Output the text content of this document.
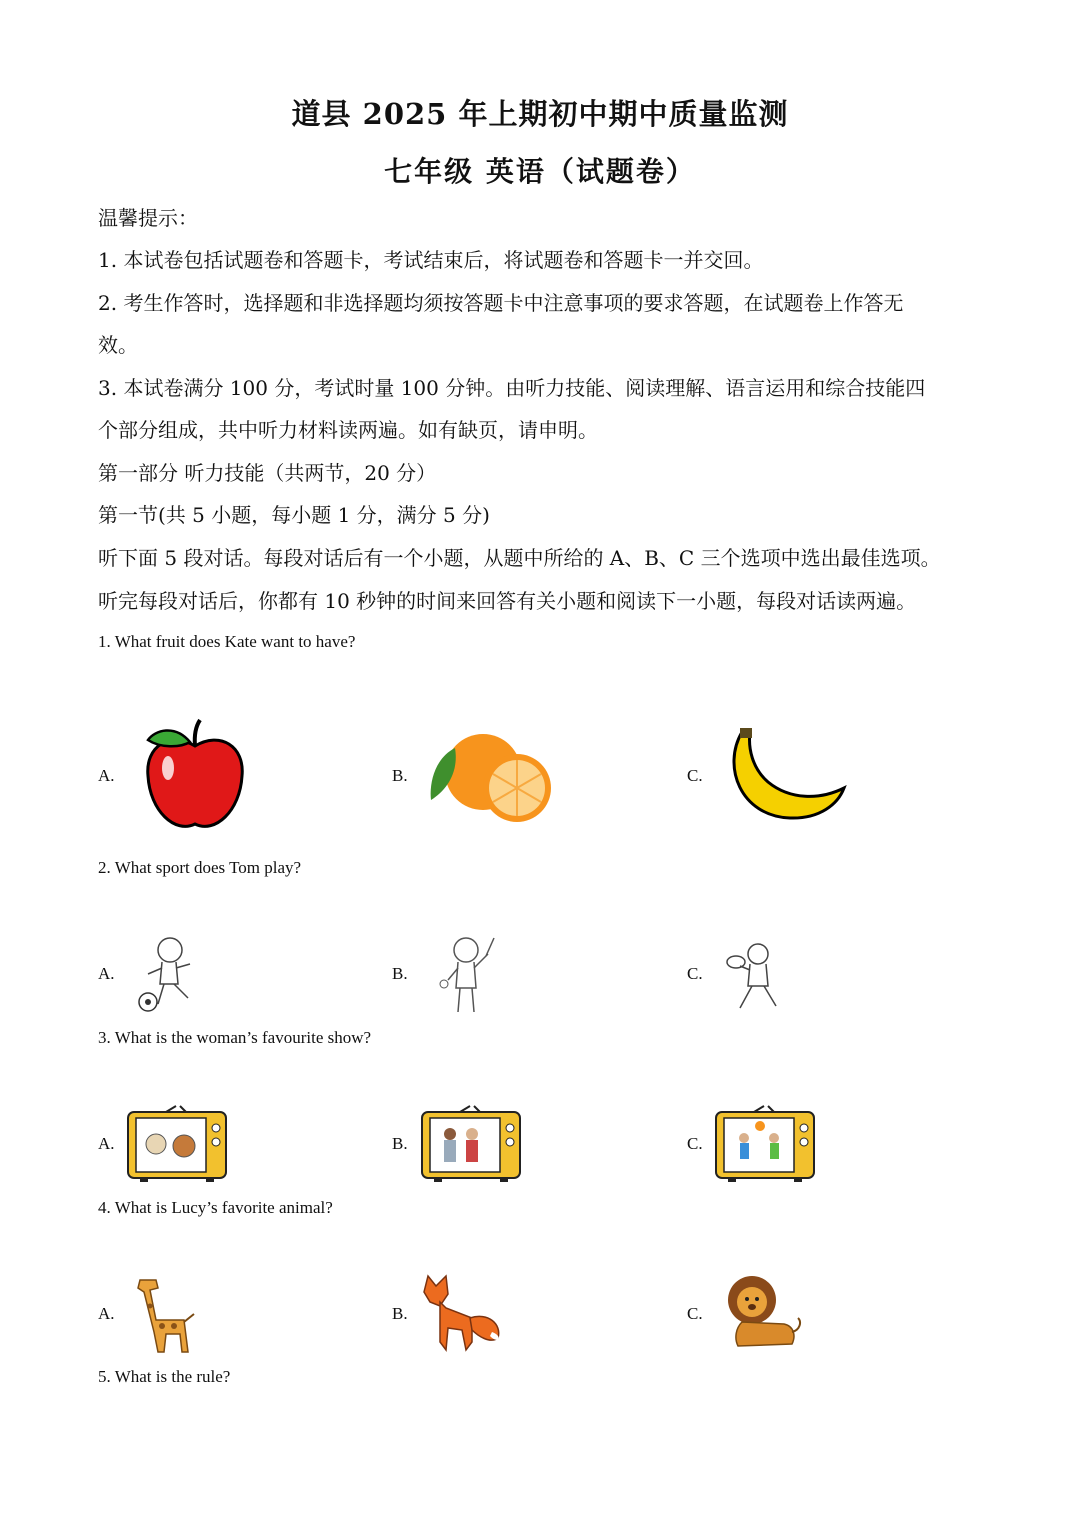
道县 2025 年上期初中期中质量监测
七年级 英语（试题卷）
温馨提示：
1. 本试卷包括试题卷和答题卡，考试结束后，将试题卷和答题卡一并交回。
2. 考生作答时，选择题和非选择题均须按答题卡中注意事项的要求答题，在试题卷上作答无
效。
3. 本试卷满分 100 分，考试时量 100 分钟。由听力技能、阅读理解、语言运用和综合技能四
个部分组成，共中听力材料读两遍。如有缺页，请申明。
第一部分 听力技能（共两节，20 分）
第一节(共 5 小题，每小题 1 分，满分 5 分)
听下面 5 段对话。每段对话后有一个小题，从题中所给的 A、B、C 三个选项中选出最佳选项。
听完每段对话后，你都有 10 秒钟的时间来回答有关小题和阅读下一小题，每段对话读两遍。
1. What fruit does Kate want to have?
A.	B.	C.
2. What sport does Tom play?
A.	B.	C.
3. What is the woman’s favourite show?
A.	B.	C.
4. What is Lucy’s favorite animal?
A.	B.	C.
5. What is the rule?
